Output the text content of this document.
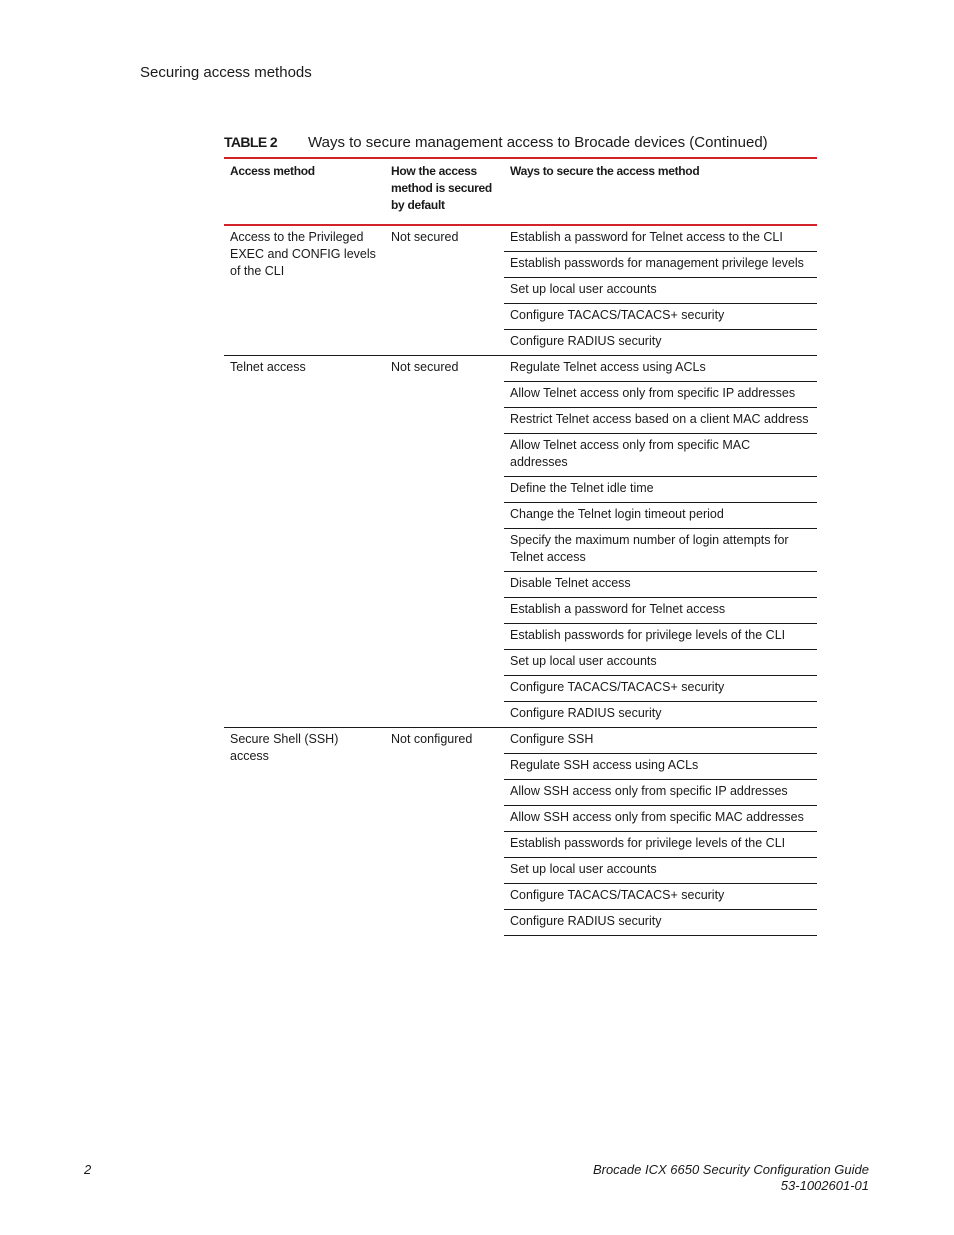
Securing access methods
TABLE 2	Ways to secure management access to Brocade devices (Continued)
Access method	How the access method is secured by default	Ways to secure the access method
Access to the Privileged EXEC and CONFIG levels of the CLI	Not secured	Establish a password for Telnet access to the CLI
		Establish passwords for management privilege levels
		Set up local user accounts
		Configure TACACS/TACACS+ security
		Configure RADIUS security
Telnet access	Not secured	Regulate Telnet access using ACLs
		Allow Telnet access only from specific IP addresses
		Restrict Telnet access based on a client MAC address
		Allow Telnet access only from specific MAC addresses
		Define the Telnet idle time
		Change the Telnet login timeout period
		Specify the maximum number of login attempts for Telnet access
		Disable Telnet access
		Establish a password for Telnet access
		Establish passwords for privilege levels of the CLI
		Set up local user accounts
		Configure TACACS/TACACS+ security
		Configure RADIUS security
Secure Shell (SSH) access	Not configured	Configure SSH
		Regulate SSH access using ACLs
		Allow SSH access only from specific IP addresses
		Allow SSH access only from specific MAC addresses
		Establish passwords for privilege levels of the CLI
		Set up local user accounts
		Configure TACACS/TACACS+ security
		Configure RADIUS security
2	Brocade ICX 6650 Security Configuration Guide
53-1002601-01
